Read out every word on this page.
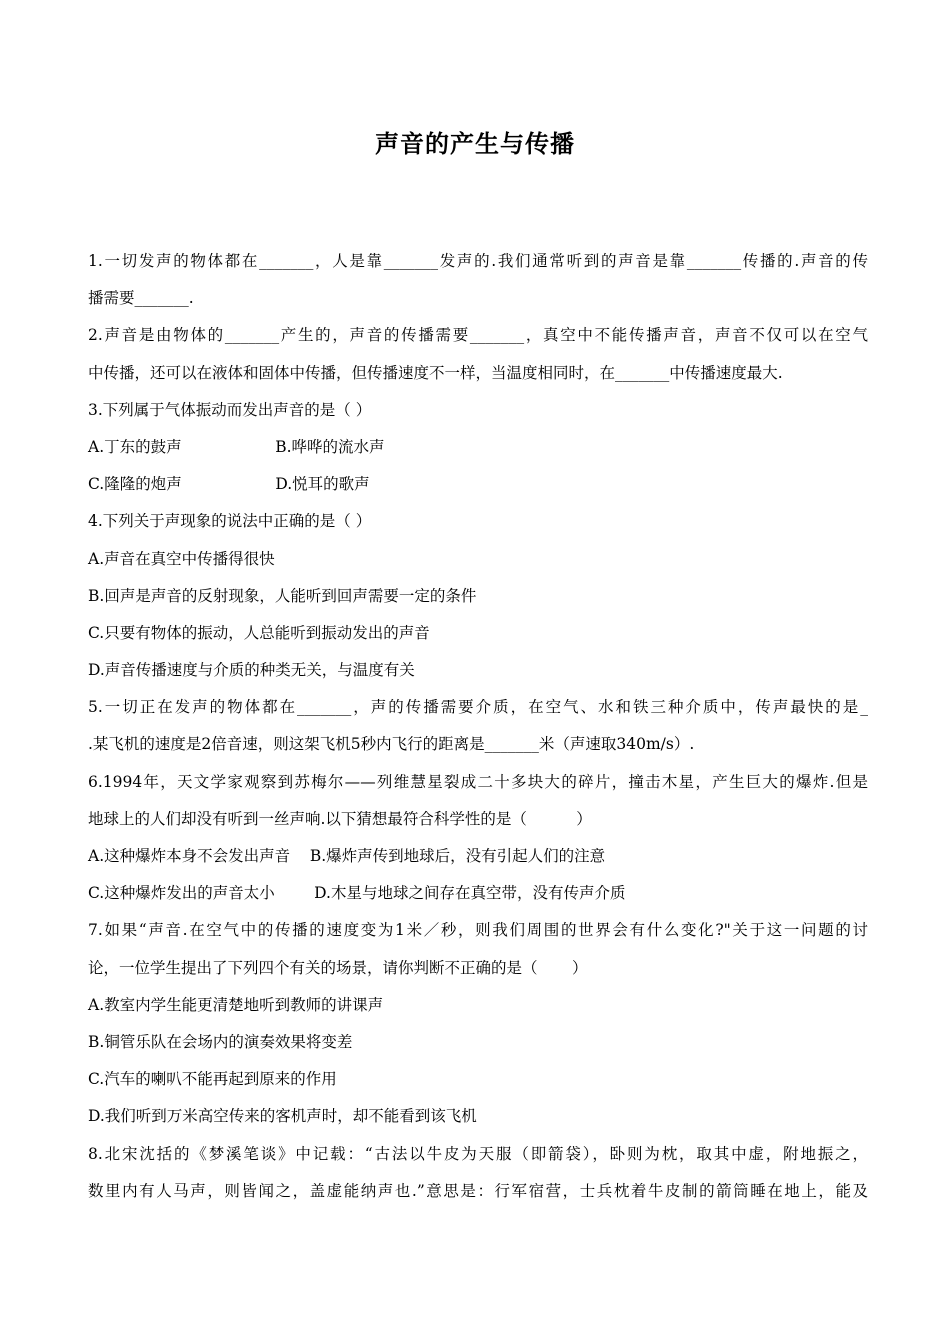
声音的产生与传播
1.一切发声的物体都在_______，人是靠_______发声的.我们通常听到的声音是靠_______传播的.声音的传
播需要_______.
2.声音是由物体的_______产生的，声音的传播需要_______，真空中不能传播声音，声音不仅可以在空气
中传播，还可以在液体和固体中传播，但传播速度不一样，当温度相同时，在_______中传播速度最大.
3.下列属于气体振动而发出声音的是（ ）
A.丁东的鼓声                   B.哗哗的流水声
C.隆隆的炮声                   D.悦耳的歌声
4.下列关于声现象的说法中正确的是（ ）
A.声音在真空中传播得很快
B.回声是声音的反射现象，人能听到回声需要一定的条件
C.只要有物体的振动，人总能听到振动发出的声音
D.声音传播速度与介质的种类无关，与温度有关
5.一切正在发声的物体都在_______，声的传播需要介质，在空气、水和铁三种介质中，传声最快的是_
.某飞机的速度是2倍音速，则这架飞机5秒内飞行的距离是_______米（声速取340m/s）.
6.1994年，天文学家观察到苏梅尔——列维慧星裂成二十多块大的碎片，撞击木星，产生巨大的爆炸.但是
地球上的人们却没有听到一丝声响.以下猜想最符合科学性的是（          ）
A.这种爆炸本身不会发出声音    B.爆炸声传到地球后，没有引起人们的注意
C.这种爆炸发出的声音太小        D.木星与地球之间存在真空带，没有传声介质
7.如果“声音.在空气中的传播的速度变为1米／秒，则我们周围的世界会有什么变化?"关于这一问题的讨
论，一位学生提出了下列四个有关的场景，请你判断不正确的是（       ）
A.教室内学生能更清楚地听到教师的讲课声
B.铜管乐队在会场内的演奏效果将变差
C.汽车的喇叭不能再起到原来的作用
D.我们听到万米高空传来的客机声时，却不能看到该飞机
8.北宋沈括的《梦溪笔谈》中记载：“古法以牛皮为天服（即箭袋），卧则为枕，取其中虚，附地振之，
数里内有人马声，则皆闻之，盖虚能纳声也.”意思是：行军宿营，士兵枕着牛皮制的箭筒睡在地上，能及
